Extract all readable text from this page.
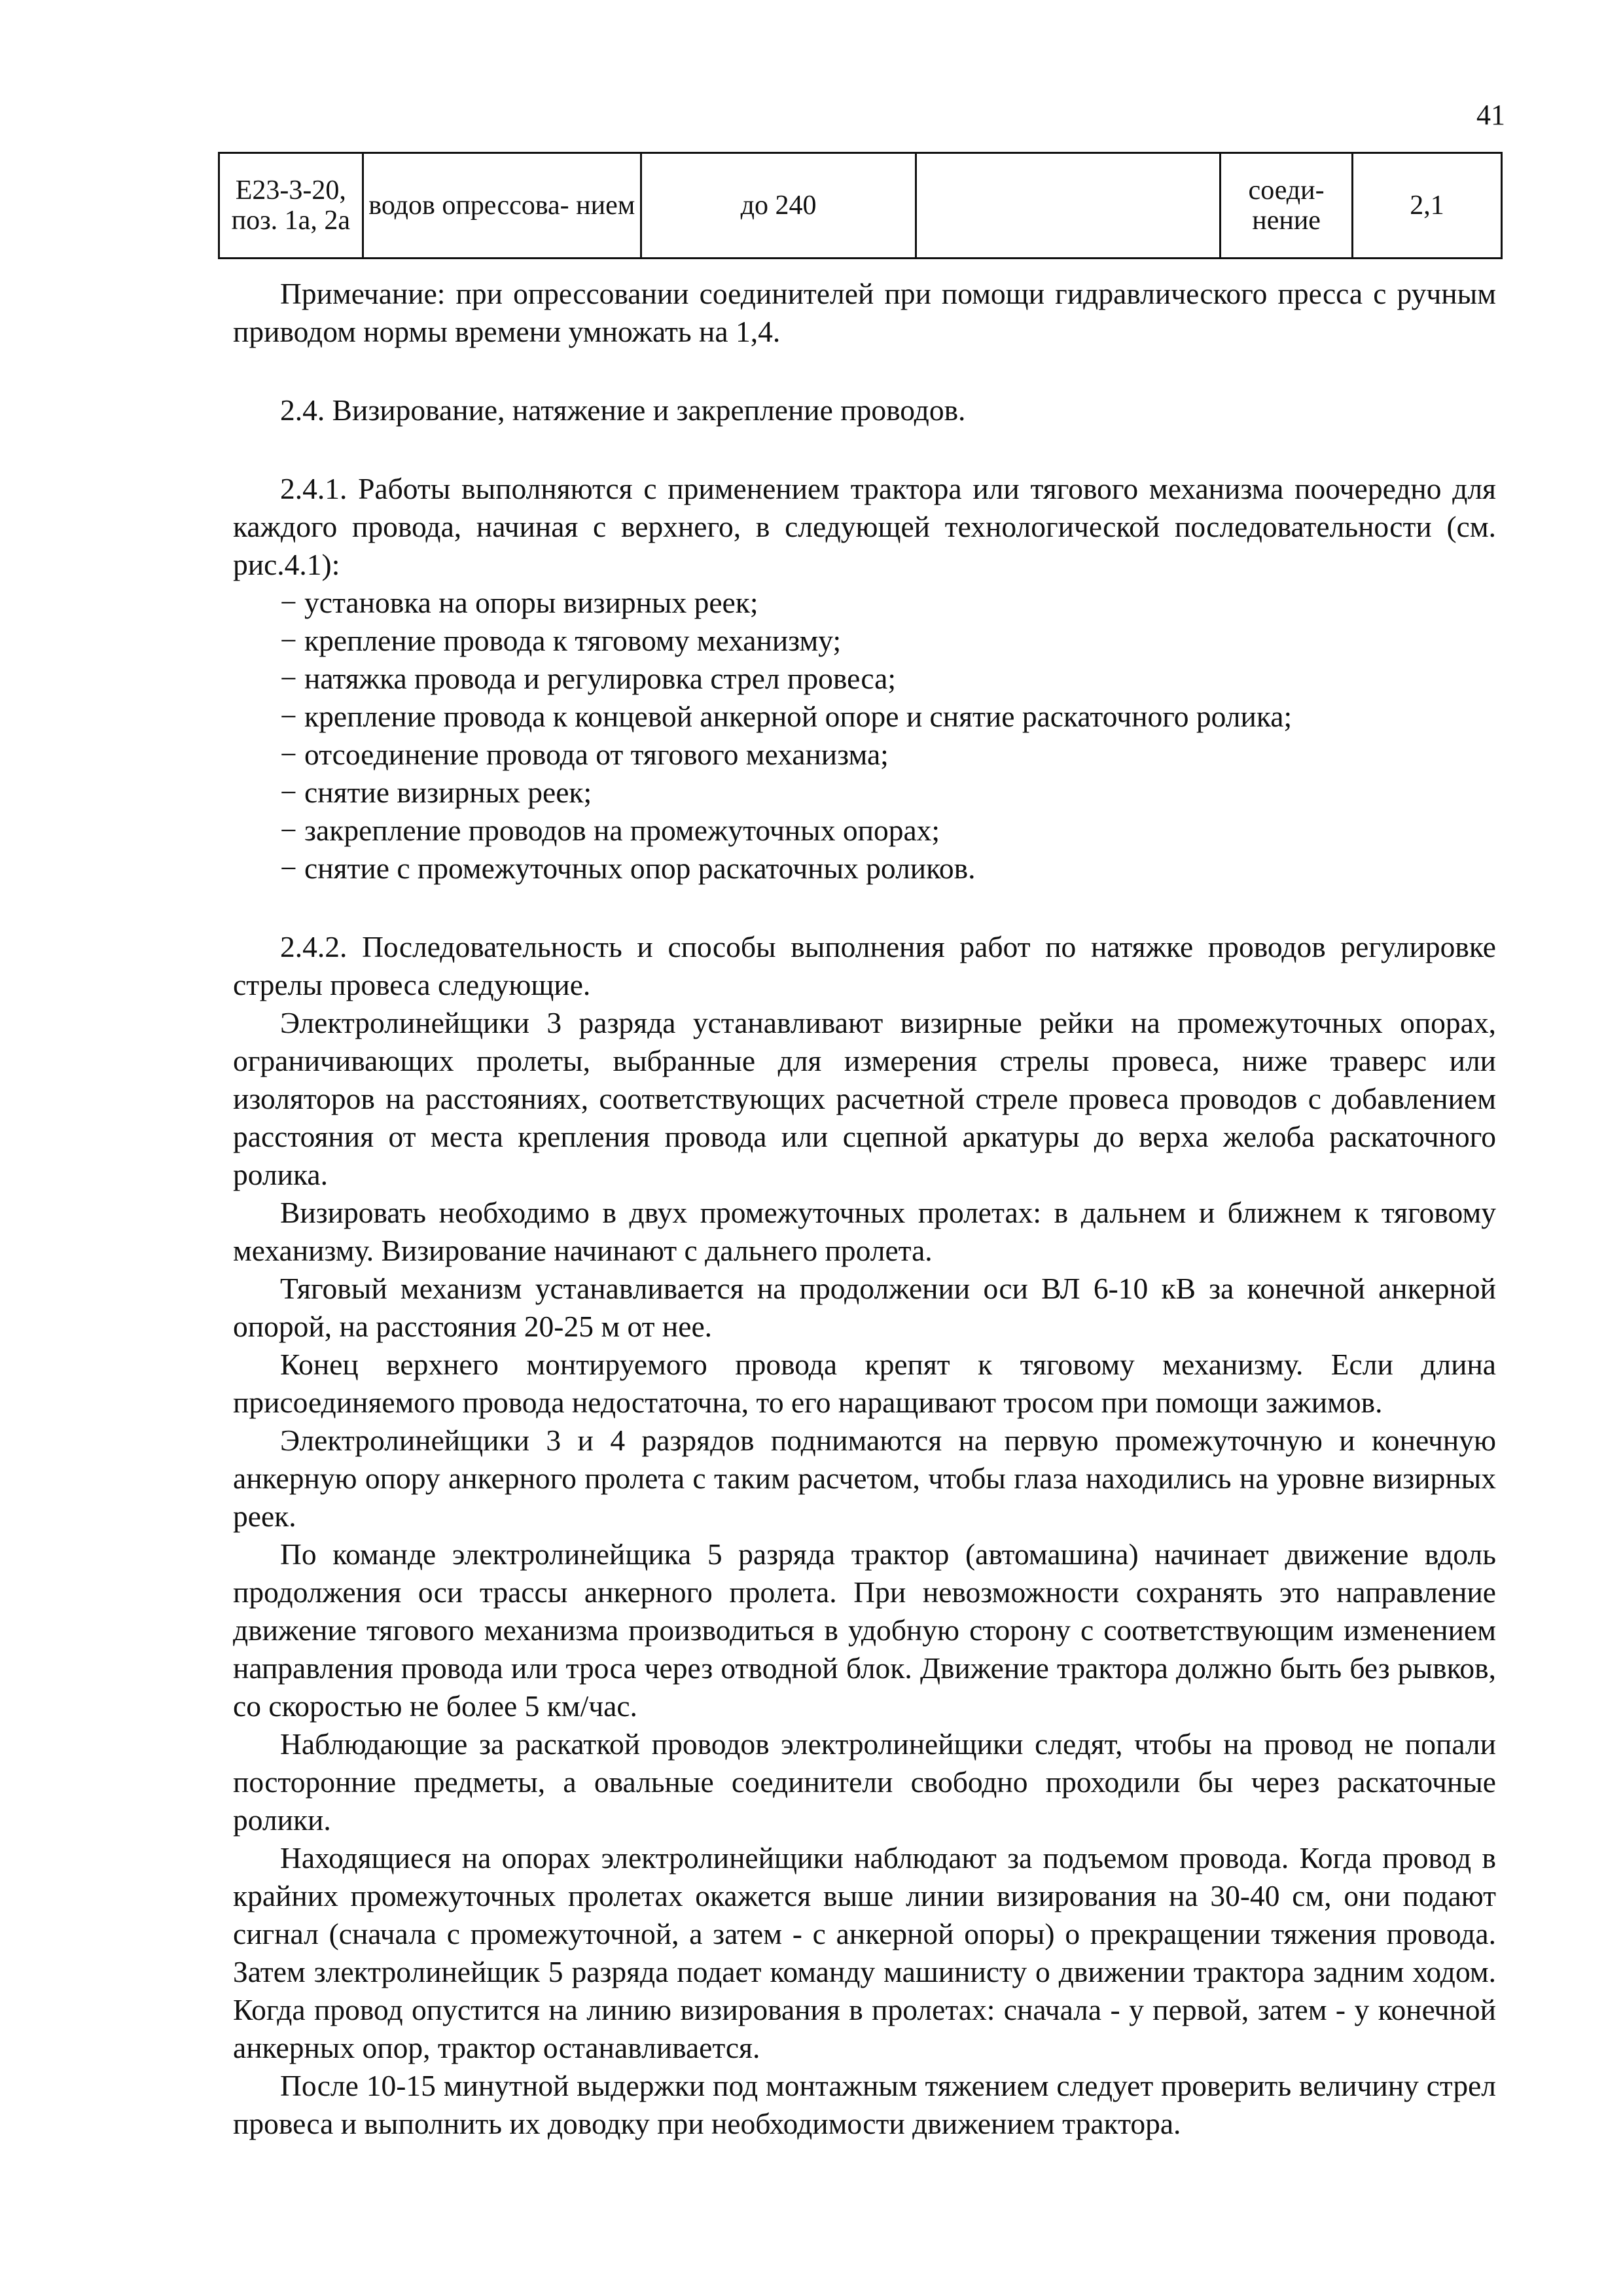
41
Е23-3-20, поз. 1а, 2а	водов опрессова- нием	до 240		соеди- нение	2,1

Примечание: при опрессовании соединителей при помощи гидравлического пресса с ручным приводом нормы времени умножать на 1,4.

2.4. Визирование, натяжение и закрепление проводов.

2.4.1. Работы выполняются с применением трактора или тягового механизма поочередно для каждого провода, начиная с верхнего, в следующей технологической последовательности (см. рис.4.1):

− установка на опоры визирных реек;
− крепление провода к тяговому механизму;
− натяжка провода и регулировка стрел провеса;
− крепление провода к концевой анкерной опоре и снятие раскаточного ролика;
− отсоединение провода от тягового механизма;
− снятие визирных реек;
− закрепление проводов на промежуточных опорах;
− снятие с промежуточных опор раскаточных роликов.

2.4.2. Последовательность и способы выполнения работ по натяжке проводов регулировке стрелы провеса следующие.

Электролинейщики 3 разряда устанавливают визирные рейки на промежуточных опорах, ограничивающих пролеты, выбранные для измерения стрелы провеса, ниже траверс или изоляторов на расстояниях, соответствующих расчетной стреле провеса проводов с добавлением расстояния от места крепления провода или сцепной аркатуры до верха желоба раскаточного ролика.

Визировать необходимо в двух промежуточных пролетах: в дальнем и ближнем к тяговому механизму. Визирование начинают с дальнего пролета.

Тяговый механизм устанавливается на продолжении оси ВЛ 6-10 кВ за конечной анкерной опорой, на расстояния 20-25 м от нее.

Конец верхнего монтируемого провода крепят к тяговому механизму. Если длина присоединяемого провода недостаточна, то его наращивают тросом при помощи зажимов.

Электролинейщики 3 и 4 разрядов поднимаются на первую промежуточную и конечную анкерную опору анкерного пролета с таким расчетом, чтобы глаза находились на уровне визирных реек.

По команде электролинейщика 5 разряда трактор (автомашина) начинает движение вдоль продолжения оси трассы анкерного пролета. При невозможности сохранять это направление движение тягового механизма производиться в удобную сторону с соответствующим изменением направления провода или троса через отводной блок. Движение трактора должно быть без рывков, со скоростью не более 5 км/час.

Наблюдающие за раскаткой проводов электролинейщики следят, чтобы на провод не попали посторонние предметы, а овальные соединители свободно проходили бы через раскаточные ролики.

Находящиеся на опорах электролинейщики наблюдают за подъемом провода. Когда провод в крайних промежуточных пролетах окажется выше линии визирования на 30-40 см, они подают сигнал (сначала с промежуточной, а затем - с анкерной опоры) о прекращении тяжения провода. Затем злектролинейщик 5 разряда подает команду машинисту о движении трактора задним ходом. Когда провод опустится на линию визирования в пролетах: сначала - у первой, затем - у конечной анкерных опор, трактор останавливается.

После 10-15 минутной выдержки под монтажным тяжением следует проверить величину стрел провеса и выполнить их доводку при необходимости движением трактора.
